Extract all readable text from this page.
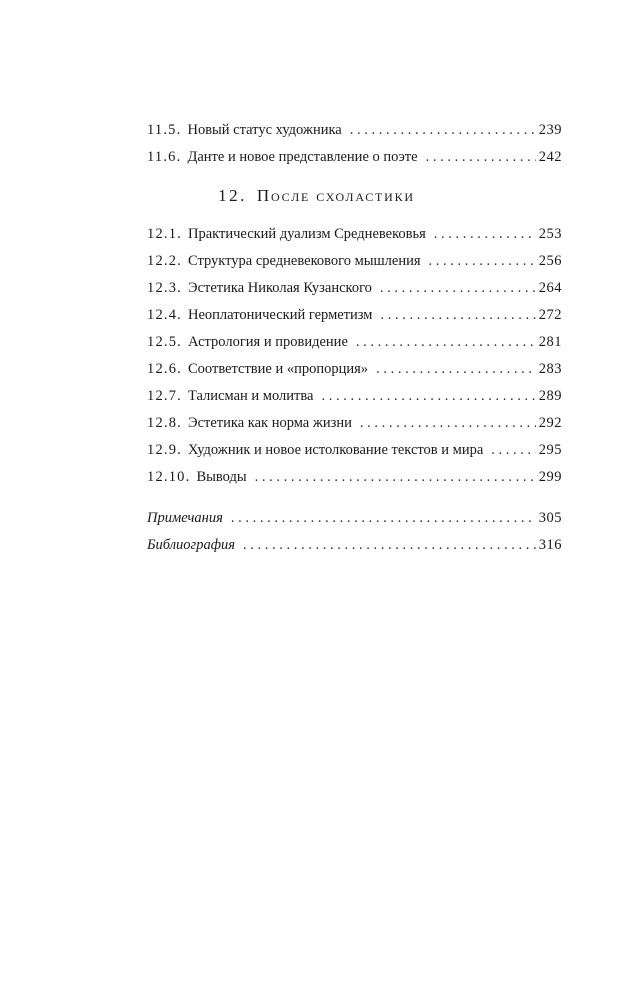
11.5. Новый статус художника . . .	239
11.6. Данте и новое представление о поэте . . .	242
12. После схоластики
12.1. Практический дуализм Средневековья . . .	253
12.2. Структура средневекового мышления . . .	256
12.3. Эстетика Николая Кузанского . . .	264
12.4. Неоплатонический герметизм . . .	272
12.5. Астрология и провидение . . .	281
12.6. Соответствие и «пропорция» . . .	283
12.7. Талисман и молитва . . .	289
12.8. Эстетика как норма жизни . . .	292
12.9. Художник и новое истолкование текстов и мира . . .	295
12.10. Выводы . . .	299
Примечания . . .	305
Библиография . . .	316
